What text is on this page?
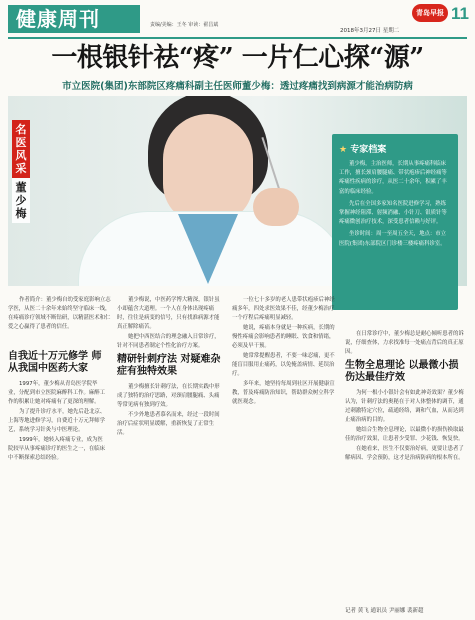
健康周刊	责编/美编：王冬 审读：翟昌斌
2018年3月27日 星期二
青岛早报 11
一根银针祛“疼” 一片仁心探“源”
市立医院(集团)东部院区疼痛科副主任医师董少梅：透过疼痛找到病源才能治病防病
名医风采
董少梅
★ 专家档案

董少梅，主治医师，长期从事疼痛科临床工作，擅长颈肩腰腿痛、带状疱疹后神经痛等疼痛性疾病的诊疗，从医二十余年，积累了丰富的临床经验。

先后在全国多家知名医院进修学习，熟练掌握神经阻滞、射频消融、小针刀、银质针等疼痛微创治疗技术，深受患者信赖与好评。

坐诊时间：周一至周五全天，地点：市立医院(集团)东部院区门诊楼三楼疼痛科诊室。

作者简介：董少梅自幼受家庭影响立志学医，从医二十余年来始终坚守临床一线，在疼痛诊疗领域不断钻研，以精湛医术和仁爱之心赢得了患者的信任。
自我近十万元修学 师从我国中医药大家

1997年，董少梅从青岛医学院毕业，分配到市立医院麻醉科工作。麻醉工作的积累让她对疼痛有了更深的理解。

为了提升诊疗水平，她先后赴北京、上海等地进修学习，自费近十万元拜师学艺，系统学习针灸与中医理论。

1999年，她转入疼痛专业，成为医院较早从事疼痛诊疗的医生之一，在临床中不断探索总结经验。

董少梅说，中医药学博大精深，银针虽小却蕴含大道理。一个人在身体出现疼痛时，往往是病变的信号，只有找准病源才能真正解除痛苦。

她把中西医结合的理念融入日常诊疗，针对不同患者制定个性化治疗方案。

精研针刺疗法 对疑难杂症有独特效果

董少梅擅长针刺疗法，在长期实践中形成了独特的治疗思路，对颈肩腰腿痛、头痛等常见病有独到疗效。

不少外地患者慕名而来，经过一段时间治疗后症状明显缓解，重新恢复了正常生活。

一位七十多岁的老人患带状疱疹后神经痛多年，四处求医效果不佳，经董少梅治疗一个疗程后疼痛明显减轻。

她说，疼痛本身就是一种疾病，长期的慢性疼痛会影响患者的睡眠、饮食和情绪，必须及早干预。

她常常提醒患者，不要一味忍痛，更不能盲目服用止痛药，以免掩盖病情、延误治疗。

多年来，她坚持每周到社区开展健康宣教，普及疼痛防治知识，帮助群众树立科学就医观念。

在日常诊疗中，董少梅总是耐心倾听患者的诉说，仔细查体，力求找准每一处痛点背后的真正原因。

生物全息理论 以最微小损伤达最佳疗效

为何一根小小银针会有如此神奇效果？董少梅认为，针刺疗法的奥秘在于对人体整体的调节，通过刺激特定穴位，疏通经络，调和气血，从而达到止痛治病的目的。

她结合生物全息理论，以最微小的损伤换取最佳的治疗效果，让患者少受罪、少花钱、恢复快。

在她看来，医生不仅要治好病，更要让患者了解病因、学会预防，这才是治病防病的根本所在。

记者 黄飞 通讯员 尹丽娜 裴新超
